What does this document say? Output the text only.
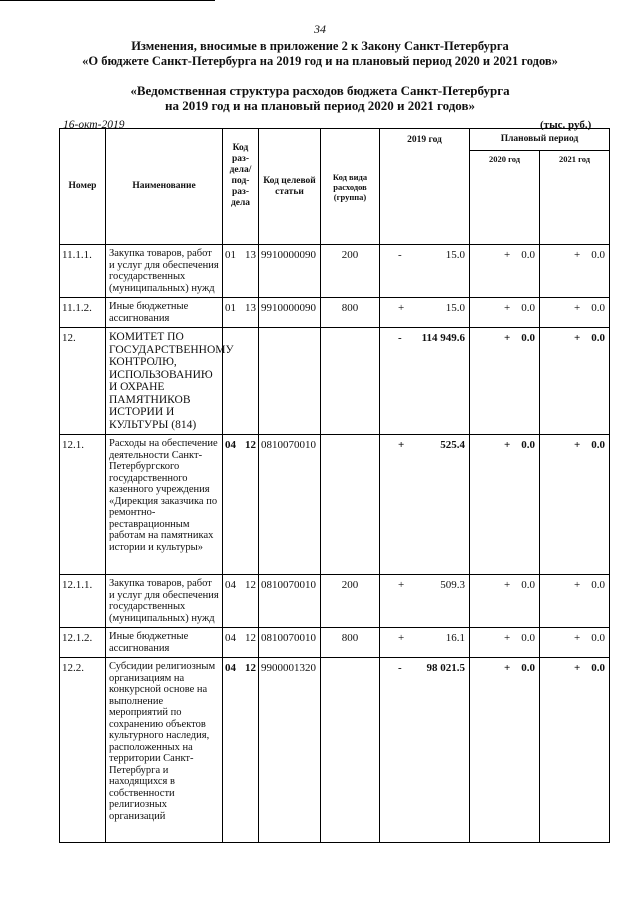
34
Изменения, вносимые в приложение 2 к Закону Санкт-Петербурга
«О бюджете Санкт-Петербурга на 2019 год и на плановый период 2020 и 2021 годов»
«Ведомственная структура расходов бюджета Санкт-Петербурга
на 2019 год и на плановый период 2020 и 2021 годов»
16-окт-2019	(тыс. руб.)
Номер	Наименование	Код раз- дела/ под- раз- дела	Код целевой статьи	Код вида расходов (группа)	2019 год	Плановый период	
						2020 год	2021 год
11.1.1.	Закупка товаров, работ и услуг для обеспечения государственных (муниципальных) нужд	01 13	9910000090	200	- 15.0	+ 0.0	+ 0.0

11.1.2.	Иные бюджетные ассигнования	01 13	9910000090	800	+ 15.0	+ 0.0	+ 0.0

12.	КОМИТЕТ ПО ГОСУДАРСТВЕННОМУ КОНТРОЛЮ, ИСПОЛЬЗОВАНИЮ И ОХРАНЕ ПАМЯТНИКОВ ИСТОРИИ И КУЛЬТУРЫ (814)				- 114 949.6	+ 0.0	+ 0.0

12.1.	Расходы на обеспечение деятельности Санкт-Петербургского государственного казенного учреждения «Дирекция заказчика по ремонтно-реставрационным работам на памятниках истории и культуры»	04 12	0810070010		+ 525.4	+ 0.0	+ 0.0

12.1.1.	Закупка товаров, работ и услуг для обеспечения государственных (муниципальных) нужд	04 12	0810070010	200	+ 509.3	+ 0.0	+ 0.0

12.1.2.	Иные бюджетные ассигнования	04 12	0810070010	800	+ 16.1	+ 0.0	+ 0.0

12.2.	Субсидии религиозным организациям на конкурсной основе на выполнение мероприятий по сохранению объектов культурного наследия, расположенных на территории Санкт-Петербурга и находящихся в собственности религиозных организаций	04 12	9900001320		- 98 021.5	+ 0.0	+ 0.0
